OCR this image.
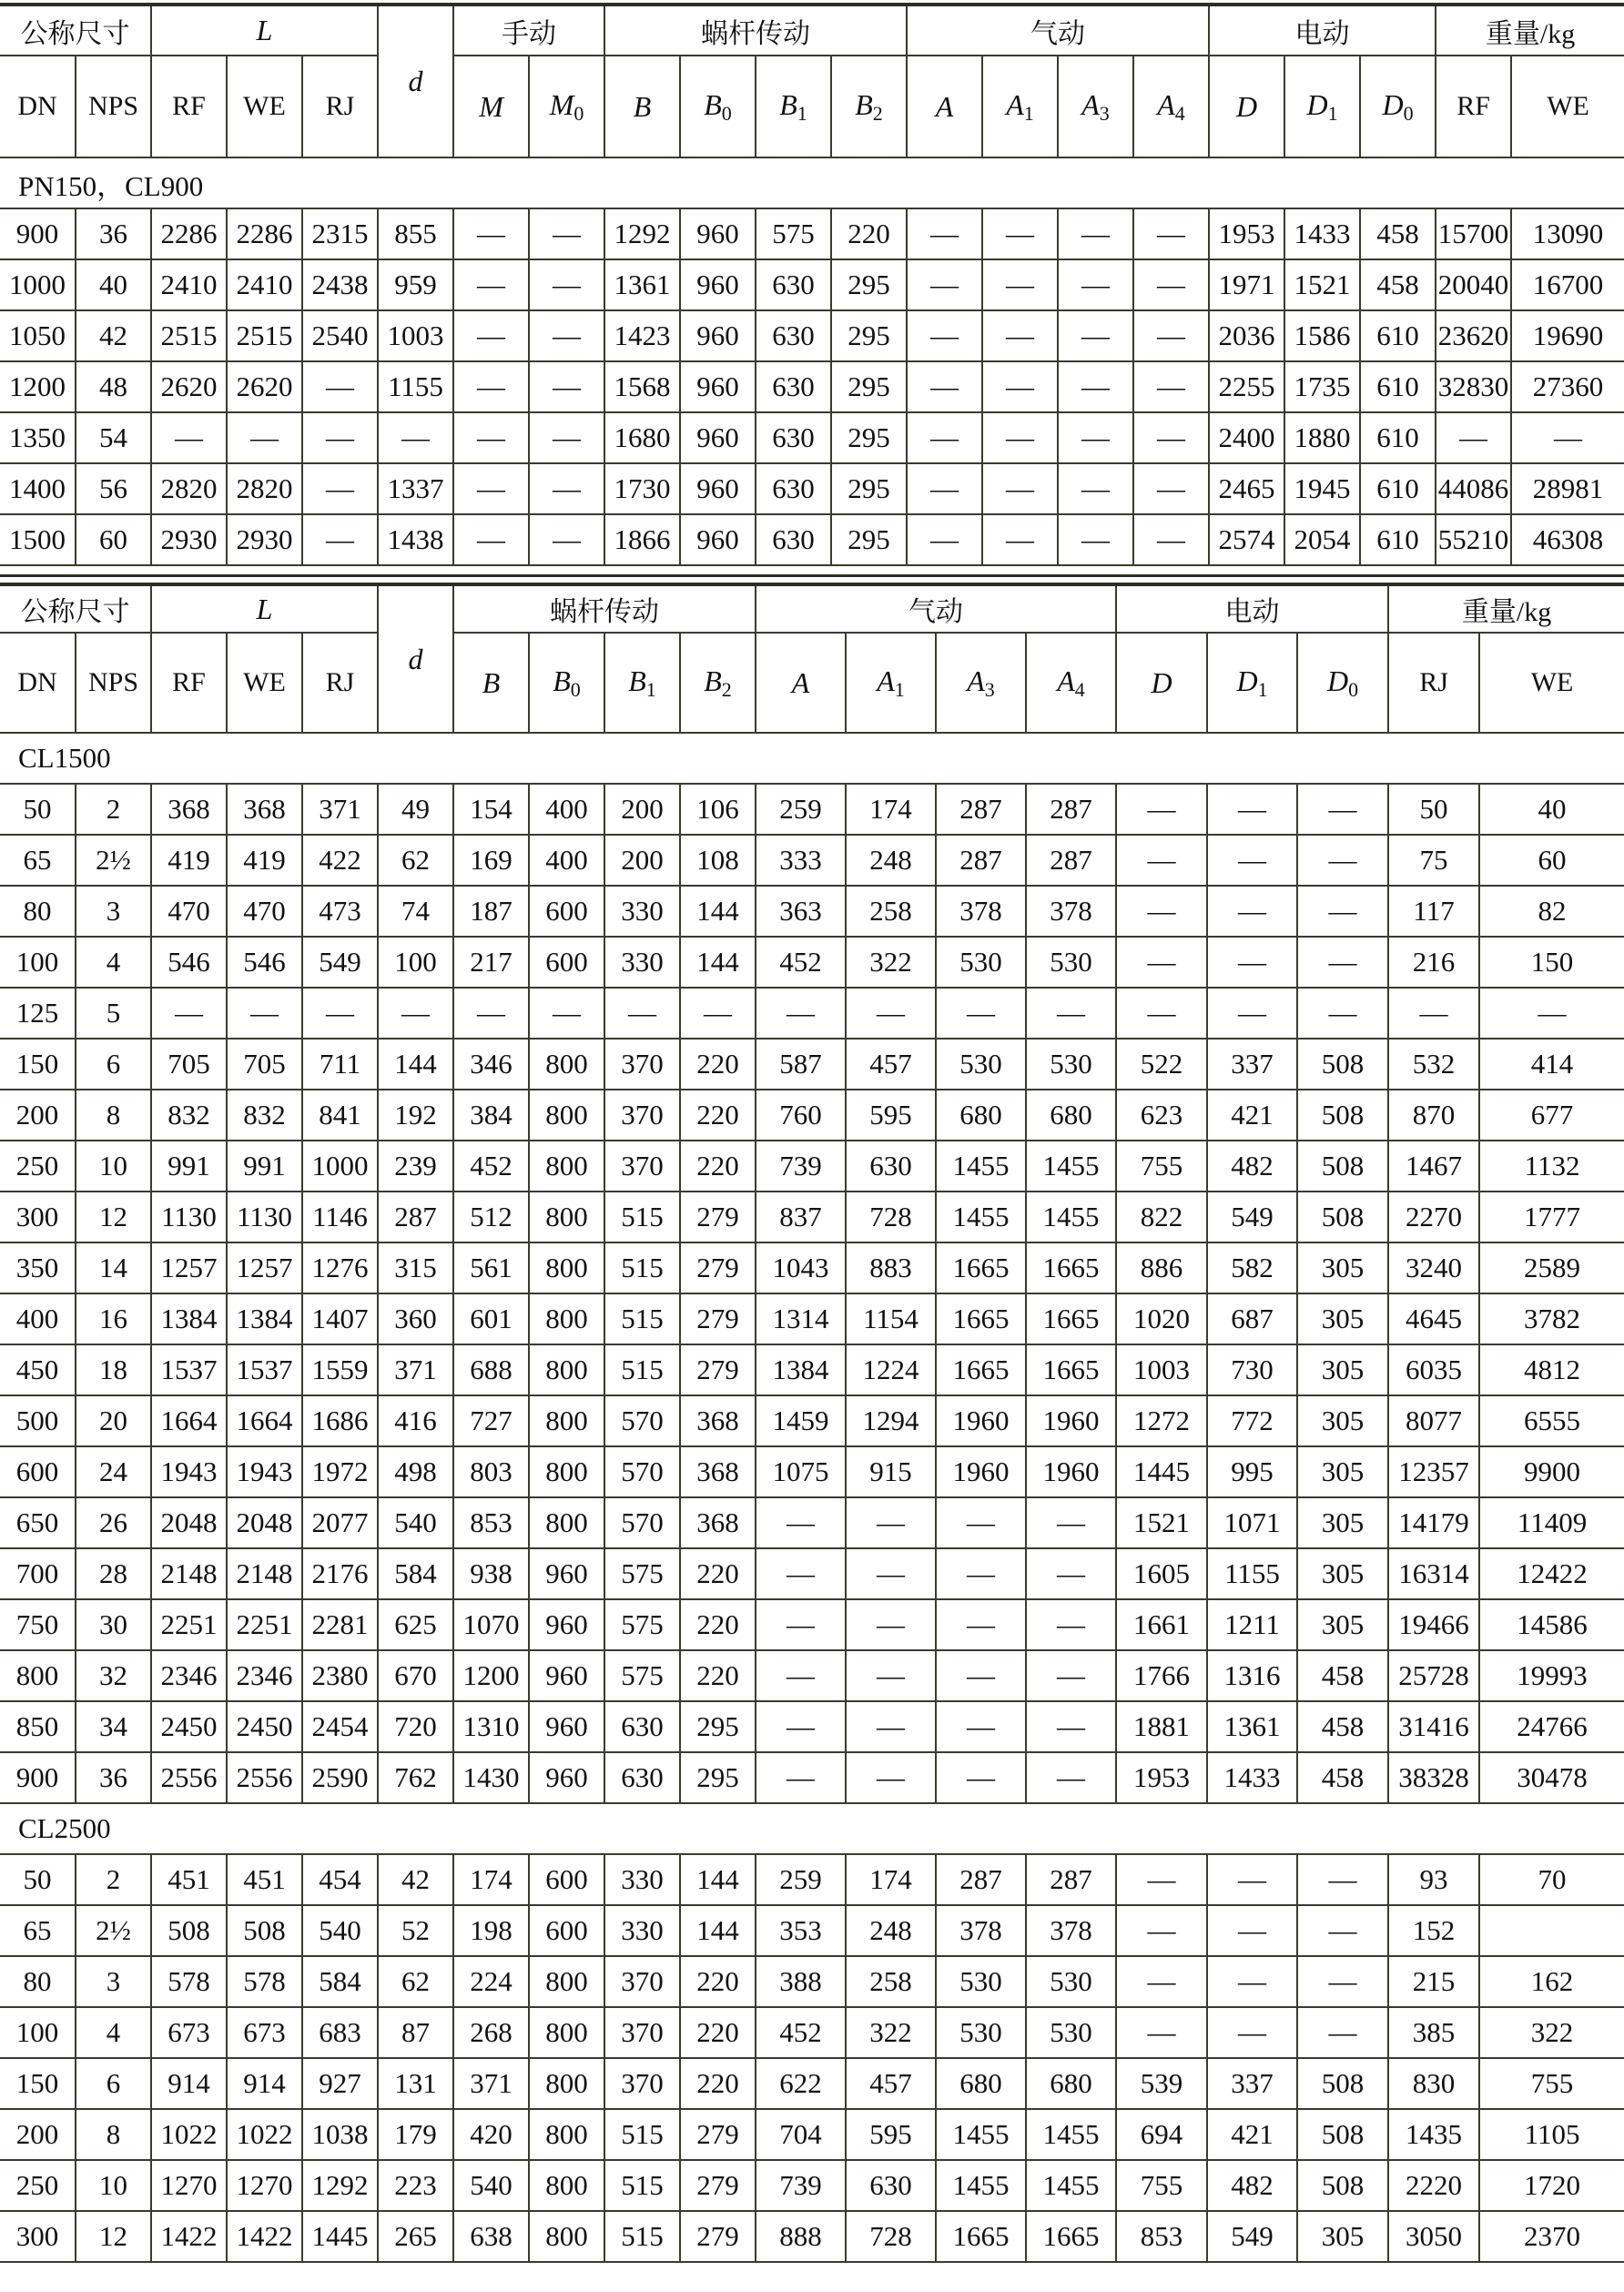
公称尺寸		L			d	手动		蜗杆传动				气动				电动			重量/kg	
DN	NPS	RF	WE	RJ		M	$M_0$	B	$B_0$	$B_1$	$B_2$	A	$A_1$	$A_3$	$A_4$	D	$D_1$	$D_0$	RF	WE
PN150，CL900																				
900	36	2286	2286	2315	855	—	—	1292	960	575	220	—	—	—	—	1953	1433	458	15700	13090
1000	40	2410	2410	2438	959	—	—	1361	960	630	295	—	—	—	—	1971	1521	458	20040	16700
1050	42	2515	2515	2540	1003	—	—	1423	960	630	295	—	—	—	—	2036	1586	610	23620	19690
1200	48	2620	2620	—	1155	—	—	1568	960	630	295	—	—	—	—	2255	1735	610	32830	27360
1350	54	—	—	—	—	—	—	1680	960	630	295	—	—	—	—	2400	1880	610	—	—
1400	56	2820	2820	—	1337	—	—	1730	960	630	295	—	—	—	—	2465	1945	610	44086	28981
1500	60	2930	2930	—	1438	—	—	1866	960	630	295	—	—	—	—	2574	2054	610	55210	46308
公称尺寸		L			d	蜗杆传动				气动				电动			重量/kg	
DN	NPS	RF	WE	RJ		B	$B_0$	$B_1$	$B_2$	A	$A_1$	$A_3$	$A_4$	D	$D_1$	$D_0$	RJ	WE
CL1500																		
50	2	368	368	371	49	154	400	200	106	259	174	287	287	—	—	—	50	40
65	2½	419	419	422	62	169	400	200	108	333	248	287	287	—	—	—	75	60
80	3	470	470	473	74	187	600	330	144	363	258	378	378	—	—	—	117	82
100	4	546	546	549	100	217	600	330	144	452	322	530	530	—	—	—	216	150
125	5	—	—	—	—	—	—	—	—	—	—	—	—	—	—	—	—	—
150	6	705	705	711	144	346	800	370	220	587	457	530	530	522	337	508	532	414
200	8	832	832	841	192	384	800	370	220	760	595	680	680	623	421	508	870	677
250	10	991	991	1000	239	452	800	370	220	739	630	1455	1455	755	482	508	1467	1132
300	12	1130	1130	1146	287	512	800	515	279	837	728	1455	1455	822	549	508	2270	1777
350	14	1257	1257	1276	315	561	800	515	279	1043	883	1665	1665	886	582	305	3240	2589
400	16	1384	1384	1407	360	601	800	515	279	1314	1154	1665	1665	1020	687	305	4645	3782
450	18	1537	1537	1559	371	688	800	515	279	1384	1224	1665	1665	1003	730	305	6035	4812
500	20	1664	1664	1686	416	727	800	570	368	1459	1294	1960	1960	1272	772	305	8077	6555
600	24	1943	1943	1972	498	803	800	570	368	1075	915	1960	1960	1445	995	305	12357	9900
650	26	2048	2048	2077	540	853	800	570	368	—	—	—	—	1521	1071	305	14179	11409
700	28	2148	2148	2176	584	938	960	575	220	—	—	—	—	1605	1155	305	16314	12422
750	30	2251	2251	2281	625	1070	960	575	220	—	—	—	—	1661	1211	305	19466	14586
800	32	2346	2346	2380	670	1200	960	575	220	—	—	—	—	1766	1316	458	25728	19993
850	34	2450	2450	2454	720	1310	960	630	295	—	—	—	—	1881	1361	458	31416	24766
900	36	2556	2556	2590	762	1430	960	630	295	—	—	—	—	1953	1433	458	38328	30478
CL2500																		
50	2	451	451	454	42	174	600	330	144	259	174	287	287	—	—	—	93	70
65	2½	508	508	540	52	198	600	330	144	353	248	378	378	—	—	—	152	
80	3	578	578	584	62	224	800	370	220	388	258	530	530	—	—	—	215	162
100	4	673	673	683	87	268	800	370	220	452	322	530	530	—	—	—	385	322
150	6	914	914	927	131	371	800	370	220	622	457	680	680	539	337	508	830	755
200	8	1022	1022	1038	179	420	800	515	279	704	595	1455	1455	694	421	508	1435	1105
250	10	1270	1270	1292	223	540	800	515	279	739	630	1455	1455	755	482	508	2220	1720
300	12	1422	1422	1445	265	638	800	515	279	888	728	1665	1665	853	549	305	3050	2370
